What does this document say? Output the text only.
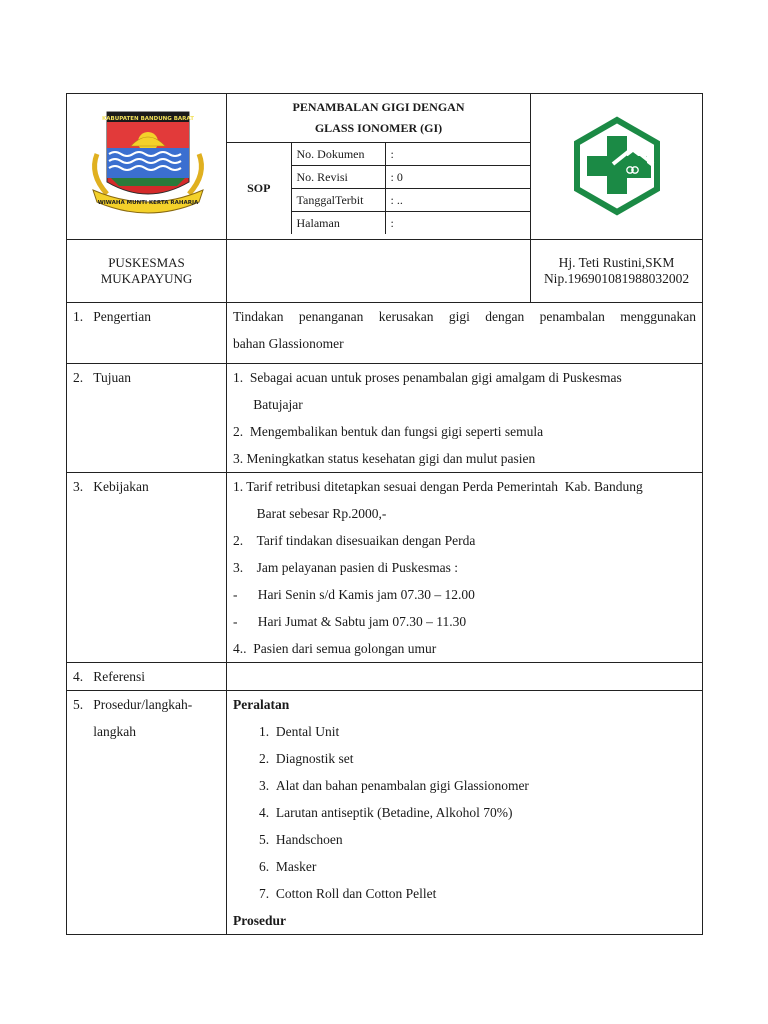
KABUPATEN BANDUNG BARAT
WIWAHA MUNTI KERTA RAHARJA

PENAMBALAN GIGI DENGAN
GLASS IONOMER (GI)
SOP	No. Dokumen	:
No. Revisi	: 0
TanggalTerbit	: ..
Halaman	:

PUSKESMAS
MUKAPAYUNG

Hj. Teti Rustini,SKM
Nip.196901081988032002

1.   Pengertian	Tindakan penanganan kerusakan gigi dengan penambalan menggunakan
bahan Glassionomer

2.   Tujuan	1.  Sebagai acuan untuk proses penambalan gigi amalgam di Puskesmas
Batujajar
2.  Mengembalikan bentuk dan fungsi gigi seperti semula
3. Meningkatkan status kesehatan gigi dan mulut pasien

3.   Kebijakan	1. Tarif retribusi ditetapkan sesuai dengan Perda Pemerintah  Kab. Bandung
Barat sebesar Rp.2000,-
2.    Tarif tindakan disesuaikan dengan Perda
3.    Jam pelayanan pasien di Puskesmas :
-      Hari Senin s/d Kamis jam 07.30 – 12.00
-      Hari Jumat & Sabtu jam 07.30 – 11.30
4..  Pasien dari semua golongan umur

4.   Referensi

5.   Prosedur/langkah-
langkah

Peralatan
1.  Dental Unit
2.  Diagnostik set
3.  Alat dan bahan penambalan gigi Glassionomer
4.  Larutan antiseptik (Betadine, Alkohol 70%)
5.  Handschoen
6.  Masker
7.  Cotton Roll dan Cotton Pellet
Prosedur
